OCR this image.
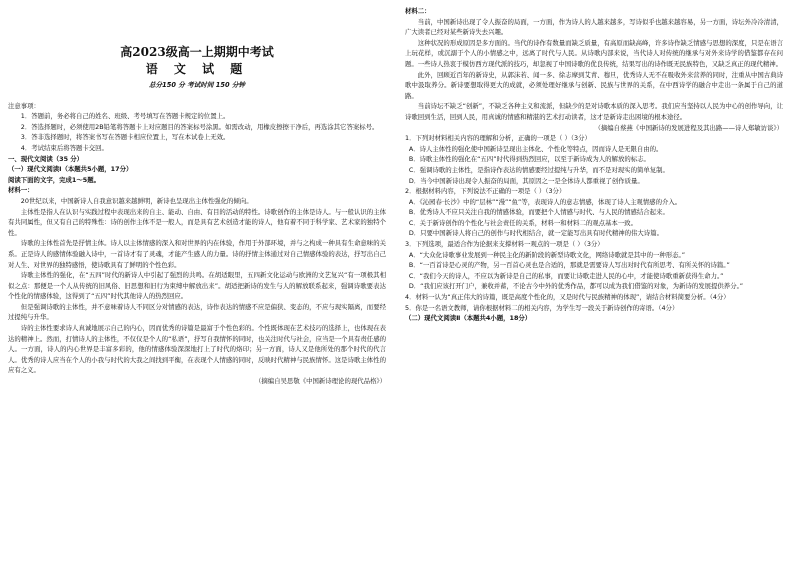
高2023级高一上期期中考试
语 文 试 题
总分150 分 考试时间 150 分钟
注意事项：
1．答题前，务必将自己的姓名、班级、考号填写在答题卡规定的位置上。
2．答选择题时，必须使用2B铅笔将答题卡上对应题目的答案标号涂黑。如需改动，用橡皮擦擦干净后，再选涂其它答案标号。
3．答非选择题时，将答案书写在答题卡相应位置上，写在本试卷上无效。
4．考试结束后将答题卡交回。
一、现代文阅读（35 分）
（一）现代文阅读Ⅰ（本题共5小题，17分）
阅读下面的文字，完成1～5题。
材料一：
20世纪以来，中国新诗人自我意识越来越鲜明，新诗也呈现出主体性强化的倾向。
主体性是指人在认识与实践过程中表现出来的自主、能动、自由、有目的活动的特性。诗歌创作的主体是诗人。与一般认识的主体有共同属性，但又有自己的特殊性：诗的创作主体不是一般人，而是具有艺术创造才能的诗人，他有着不同于科学家、艺术家的独特个性。
诗歌的主体性首先是抒情主体。诗人以主体情感的深入和对世界的内在体验，作用于外部环境，并与之构成一种具有生命意味的关系。正是诗人的感情体验融入诗中，一首诗才有了灵魂，才能产生感人的力量。诗的抒情主体通过对自己情感体验的表达，抒写出自己对人生、对世界的独特感悟，使诗歌具有了鲜明的个性色彩。
诗歌主体性的强化，在“五四”时代的新诗人中引起了强烈的共鸣。在胡适眼里，五四新文化运动与欧洲的文艺复兴“有一项极其相似之点：那便是一个人从传统的旧风俗、旧思想和旧行为束缚中解放出来”。胡适把新诗的发生与人的解放联系起来，强调诗歌要表达个性化的情感体验，这得到了“五四”时代其他诗人的热烈回应。
但是强调诗歌的主体性，并不意味着诗人不同区分对情感的表达，诗作表达的情感不应是偏狭、变态的，不应与现实隔离，而要经过提纯与升华。
诗的主体性要求诗人真诚地展示自己的内心，因而优秀的诗篇是最富于个性色彩的。个性既体现在艺术技巧的选择上，也体现在表达的精神上。然而，打情诗人的主体性，不仅仅是个人的“私语”，抒写自我情怀的同时，也关注时代与社会，应当是一个具有责任感的人。一方面，诗人的内心世界是丰富多彩的，他的情感体验深深地打上了时代的烙印；另一方面，诗人又是他所处的那个时代的代言人。优秀的诗人应当在个人的小我与时代的大我之间找到平衡，在表现个人情感的同时，反映时代精神与民族情怀。这是诗歌主体性的应有之义。
（摘编自吴思敬《中国新诗理论的现代品格》）
材料二：
当前，中国新诗出现了令人振奋的局面，一方面，作为诗人的人越来越多，写诗似乎也越来越容易，另一方面，诗坛外冷冷清清，广大读者已经对某些新诗失去兴趣。
这种状况的形成原因是多方面的。当代的诗作有数量而缺乏质量，有高原而缺高峰，许多诗作缺乏情感与思想的深度，只是在语言上玩花样，或沉溺于个人的小情感之中，远离了时代与人民。从诗歌内部来说，当代诗人对传统的继承与对外来诗学的借鉴都存在问题。一些诗人热衷于模仿西方现代派的技巧，却忽视了中国诗歌的优良传统，结果写出的诗作既无民族特色，又缺乏真正的现代精神。
此外，回顾近百年的新诗史，从郭沫若、闻一多、徐志摩到艾青、穆旦，优秀诗人无不在吸收外来营养的同时，注重从中国古典诗歌中汲取养分。新诗要想取得更大的成就，必须处理好继承与创新、民族与世界的关系，在中西诗学的融合中走出一条属于自己的道路。
当前诗坛不缺乏“创新”，不缺乏各种主义和流派，但缺少的是对诗歌本质的深入思考。我们应当坚持以人民为中心的创作导向，让诗歌回到生活，回到人民，用真诚的情感和精湛的艺术打动读者，这才是新诗走出困境的根本途径。
（摘编自蔡燕《中国新诗的发展进程及其出路——诗人郑敏访谈》）
1．下列对材料相关内容的理解和分析，正确的一项是（ ）（3分）
A．诗人主体性的强化使中国新诗呈现出主体化、个性化等特点，因而诗人是无限自由的。
B．诗歌主体性的强化在“五四”时代得到热烈回应，以至于新诗成为人的解放的标志。
C．强调诗歌的主体性，是指诗作表达的情感要经过提纯与升华，而不是对现实的简单复制。
D．当今中国新诗出现令人振奋的局面，其原因之一是全体诗人都重视了创作质量。
2．根据材料内容，下列说法不正确的一项是（ ）（3分）
A．《沁园春·长沙》中的“层林”“漫”“鱼”等，表现诗人的意志情感，体现了诗人主观情感的介入。
B．优秀诗人不应只关注自我的情感体验，而要把个人情感与时代、与人民的情感结合起来。
C．关于新诗创作的个性化与社会责任的关系，材料一和材料二的观点基本一致。
D．只要中国新诗人将自己的创作与时代相结合，就一定能写出具有时代精神的伟大诗篇。
3．下列选项，最适合作为论据来支撑材料一观点的一项是（ ）（3分）
A．“大众化诗歌事业发展到一种民主化的新阶段的新型诗歌文化，网络诗歌就是其中的一种形态。”
B．“一百首诗是心灵的产物，另一百首心灵也是合适的，那就是需要诗人写出对时代有所思考、有所关怀的诗篇。”
C．“我们今天的诗人，不应以为新诗是自己的私事，而要让诗歌走进人民的心中，才能使诗歌重新获得生命力。”
D．“我们应该打开门户，兼收并蓄，不论古今中外的优秀作品，都可以成为我们借鉴的对象，为新诗的发展提供养分。”
4．材料一认为“真正伟大的诗篇，既是高度个性化的，又是时代与民族精神的体现”，请结合材料简要分析。（4分）
5．你是一名语文教师，请你根据材料二的相关内容，为学生写一段关于新诗创作的寄语。（4分）
（二）现代文阅读Ⅱ（本题共4小题，18分）
